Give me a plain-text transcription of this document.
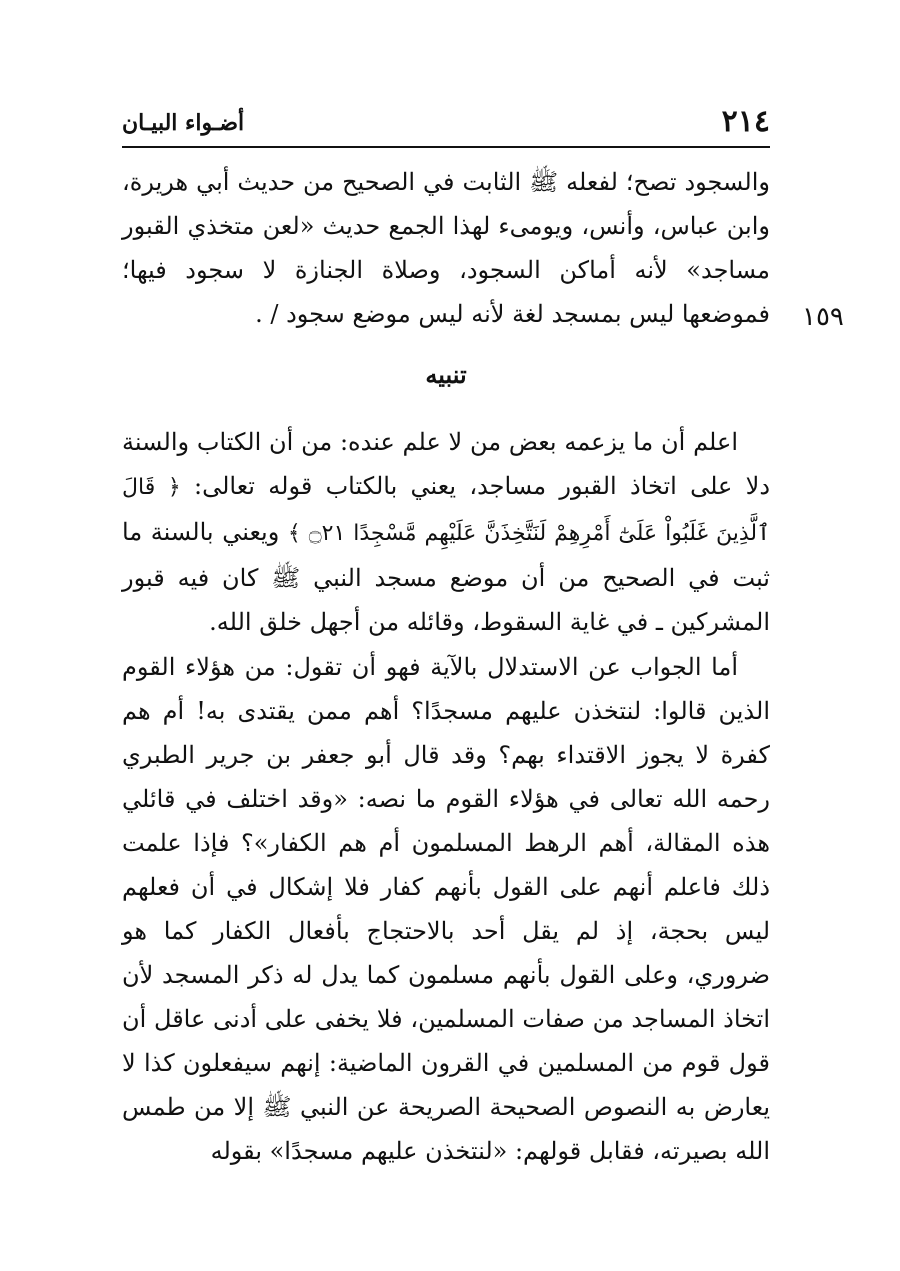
٢١٤
أضـواء البيـان
والسجود تصح؛ لفعله ﷺ الثابت في الصحيح من حديث أبي هريرة، وابن عباس، وأنس، ويومىء لهذا الجمع حديث «لعن متخذي القبور مساجد» لأنه أماكن السجود، وصلاة الجنازة لا سجود فيها؛ فموضعها ليس بمسجد لغة لأنه ليس موضع سجود / . ١٥٩
تنبيه
اعلم أن ما يزعمه بعض من لا علم عنده: من أن الكتاب والسنة دلا على اتخاذ القبور مساجد، يعني بالكتاب قوله تعالى: ﴿ قَالَ ٱلَّذِينَ غَلَبُواْ عَلَىٰٓ أَمْرِهِمْ لَنَتَّخِذَنَّ عَلَيْهِم مَّسْجِدًا ۝٢١ ﴾ ويعني بالسنة ما ثبت في الصحيح من أن موضع مسجد النبي ﷺ كان فيه قبور المشركين ـ في غاية السقوط، وقائله من أجهل خلق الله.
أما الجواب عن الاستدلال بالآية فهو أن تقول: من هؤلاء القوم الذين قالوا: لنتخذن عليهم مسجدًا؟ أهم ممن يقتدى به! أم هم كفرة لا يجوز الاقتداء بهم؟ وقد قال أبو جعفر بن جرير الطبري رحمه الله تعالى في هؤلاء القوم ما نصه: «وقد اختلف في قائلي هذه المقالة، أهم الرهط المسلمون أم هم الكفار»؟ فإذا علمت ذلك فاعلم أنهم على القول بأنهم كفار فلا إشكال في أن فعلهم ليس بحجة، إذ لم يقل أحد بالاحتجاج بأفعال الكفار كما هو ضروري، وعلى القول بأنهم مسلمون كما يدل له ذكر المسجد لأن اتخاذ المساجد من صفات المسلمين، فلا يخفى على أدنى عاقل أن قول قوم من المسلمين في القرون الماضية: إنهم سيفعلون كذا لا يعارض به النصوص الصحيحة الصريحة عن النبي ﷺ إلا من طمس الله بصيرته، فقابل قولهم: «لنتخذن عليهم مسجدًا» بقوله
